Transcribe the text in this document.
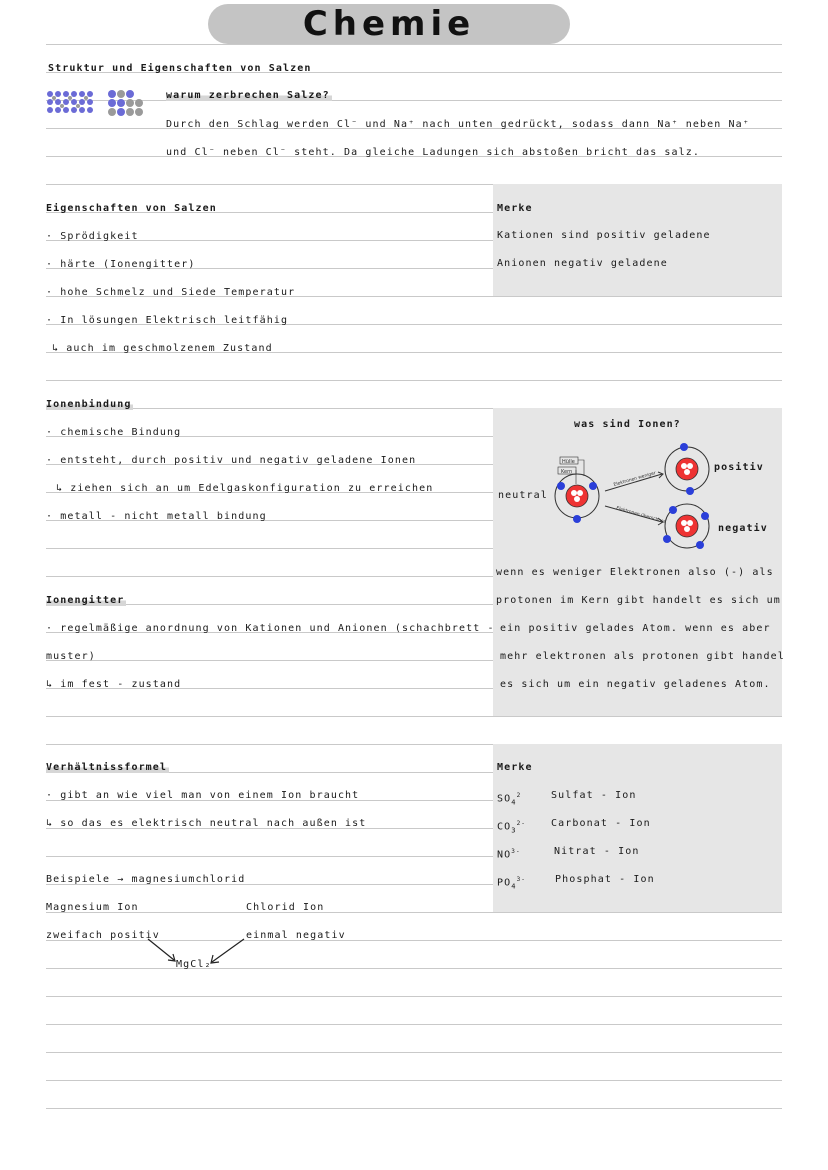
Chemie
Struktur und Eigenschaften von Salzen
warum zerbrechen Salze?
Durch den Schlag werden Cl⁻ und Na⁺ nach unten gedrückt, sodass dann Na⁺ neben Na⁺
und Cl⁻ neben Cl⁻ steht. Da gleiche Ladungen sich abstoßen bricht das salz.
Eigenschaften von Salzen
· Sprödigkeit
· härte (Ionengitter)
· hohe Schmelz und Siede Temperatur
· In lösungen Elektrisch leitfähig
↳ auch im geschmolzenem Zustand
Merke
Kationen sind positiv geladene
Anionen negativ geladene
Ionenbindung
· chemische Bindung
· entsteht, durch positiv und negativ geladene Ionen
↳ ziehen sich an um Edelgaskonfiguration zu erreichen
· metall - nicht metall bindung
was sind Ionen?
neutral
positiv
negativ
Hülle
Kern	Elektronen weniger
Elektronen überschuss
wenn es weniger Elektronen also (-) als
protonen im Kern gibt handelt es sich um
ein positiv gelades Atom. wenn es aber
mehr elektronen als protonen gibt handel
es sich um ein negativ geladenes Atom.
Ionengitter
· regelmäßige anordnung von Kationen und Anionen (schachbrett -
muster)
↳ im fest - zustand
Verhältnissformel
· gibt an wie viel man von einem Ion braucht
↳ so das es elektrisch neutral nach außen ist
Beispiele → magnesiumchlorid
Magnesium Ion	Chlorid Ion
zweifach positiv	einmal negativ
MgCl₂
Merke
$SO_4^2$	Sulfat - Ion
$CO_3^{2-}$ Carbonat - Ion
$NO^{3-}$	Nitrat - Ion
$PO_4^{3-}$	Phosphat - Ion
